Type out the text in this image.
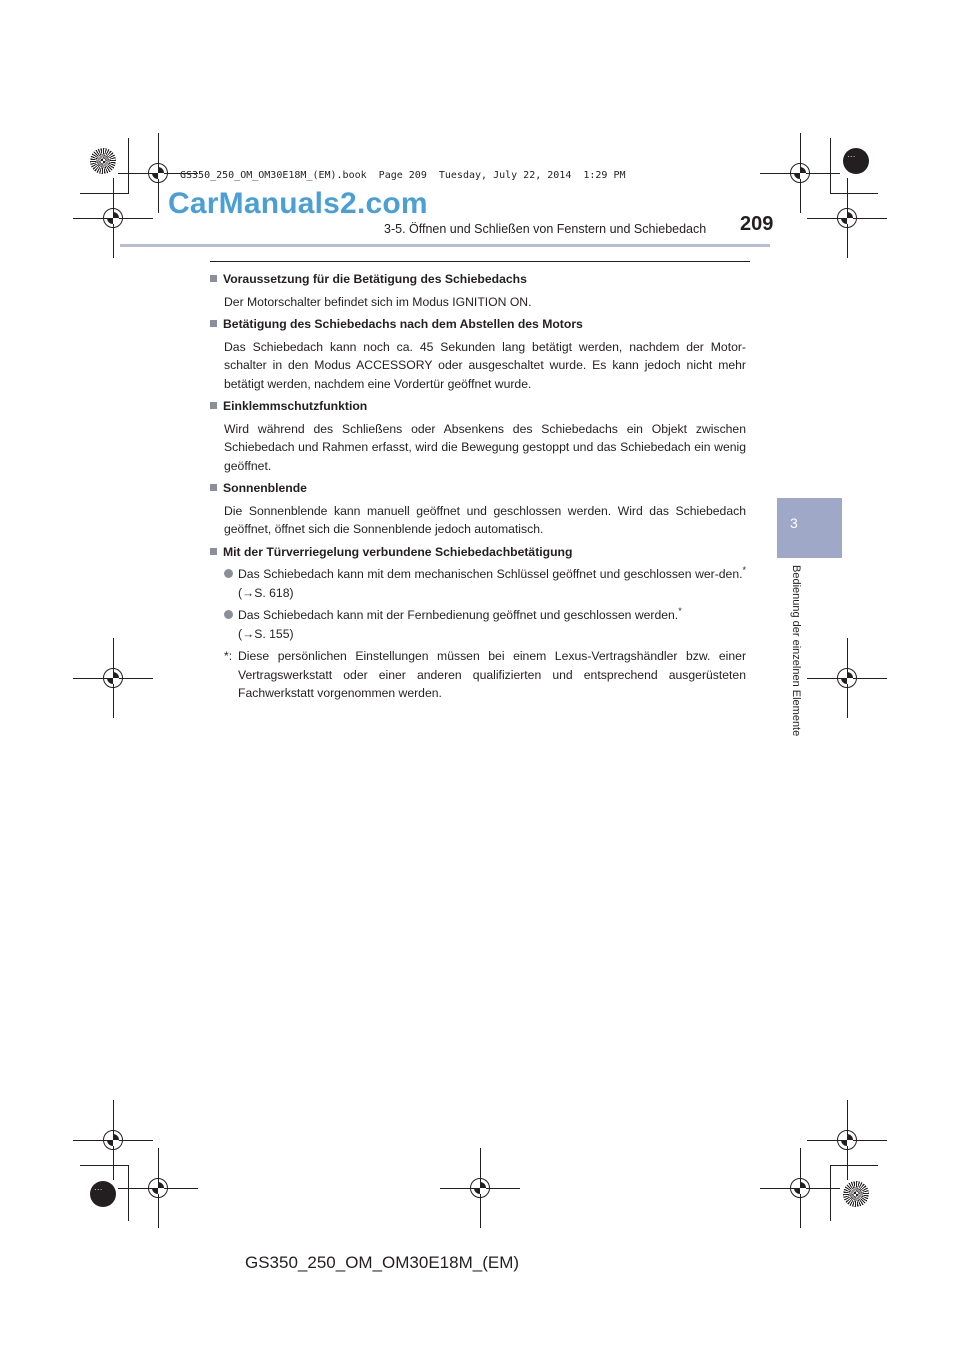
· · ·
· · ·
GS350_250_OM_OM30E18M_(EM).book  Page 209  Tuesday, July 22, 2014  1:29 PM
CarManuals2.com
3-5. Öffnen und Schließen von Fenstern und Schiebedach 209
3
Bedienung der einzelnen Elemente
Voraussetzung für die Betätigung des Schiebedachs
Der Motorschalter befindet sich im Modus IGNITION ON.
Betätigung des Schiebedachs nach dem Abstellen des Motors
Das Schiebedach kann noch ca. 45 Sekunden lang betätigt werden, nachdem der Motor-schalter in den Modus ACCESSORY oder ausgeschaltet wurde. Es kann jedoch nicht mehr betätigt werden, nachdem eine Vordertür geöffnet wurde.
Einklemmschutzfunktion
Wird während des Schließens oder Absenkens des Schiebedachs ein Objekt zwischen Schiebedach und Rahmen erfasst, wird die Bewegung gestoppt und das Schiebedach ein wenig geöffnet.
Sonnenblende
Die Sonnenblende kann manuell geöffnet und geschlossen werden. Wird das Schiebedach geöffnet, öffnet sich die Sonnenblende jedoch automatisch.
Mit der Türverriegelung verbundene Schiebedachbetätigung
Das Schiebedach kann mit dem mechanischen Schlüssel geöffnet und geschlossen wer-den.* (→S. 618)
Das Schiebedach kann mit der Fernbedienung geöffnet und geschlossen werden.*
(→S. 155)
*: Diese persönlichen Einstellungen müssen bei einem Lexus-Vertragshändler bzw. einer Vertragswerkstatt oder einer anderen qualifizierten und entsprechend ausgerüsteten Fachwerkstatt vorgenommen werden.
GS350_250_OM_OM30E18M_(EM)
